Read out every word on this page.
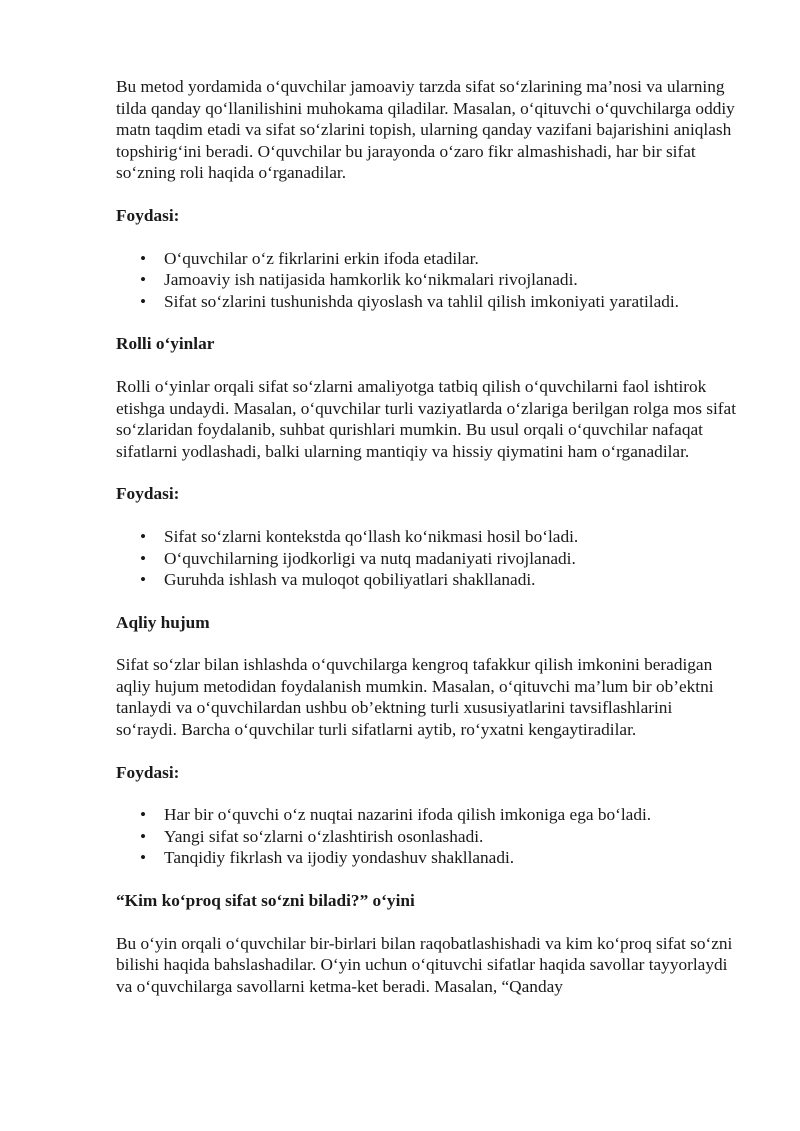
Bu metod yordamida o‘quvchilar jamoaviy tarzda sifat so‘zlarining ma’nosi va ularning tilda qanday qo‘llanilishini muhokama qiladilar. Masalan, o‘qituvchi o‘quvchilarga oddiy matn taqdim etadi va sifat so‘zlarini topish, ularning qanday vazifani bajarishini aniqlash topshirig‘ini beradi. O‘quvchilar bu jarayonda o‘zaro fikr almashishadi, har bir sifat so‘zning roli haqida o‘rganadilar.

Foydasi:
• O‘quvchilar o‘z fikrlarini erkin ifoda etadilar.
• Jamoaviy ish natijasida hamkorlik ko‘nikmalari rivojlanadi.
• Sifat so‘zlarini tushunishda qiyoslash va tahlil qilish imkoniyati yaratiladi.
Rolli o‘yinlar

Rolli o‘yinlar orqali sifat so‘zlarni amaliyotga tatbiq qilish o‘quvchilarni faol ishtirok etishga undaydi. Masalan, o‘quvchilar turli vaziyatlarda o‘zlariga berilgan rolga mos sifat so‘zlaridan foydalanib, suhbat qurishlari mumkin. Bu usul orqali o‘quvchilar nafaqat sifatlarni yodlashadi, balki ularning mantiqiy va hissiy qiymatini ham o‘rganadilar.

Foydasi:
• Sifat so‘zlarni kontekstda qo‘llash ko‘nikmasi hosil bo‘ladi.
• O‘quvchilarning ijodkorligi va nutq madaniyati rivojlanadi.
• Guruhda ishlash va muloqot qobiliyatlari shakllanadi.
Aqliy hujum

Sifat so‘zlar bilan ishlashda o‘quvchilarga kengroq tafakkur qilish imkonini beradigan aqliy hujum metodidan foydalanish mumkin. Masalan, o‘qituvchi ma’lum bir ob’ektni tanlaydi va o‘quvchilardan ushbu ob’ektning turli xususiyatlarini tavsiflashlarini so‘raydi. Barcha o‘quvchilar turli sifatlarni aytib, ro‘yxatni kengaytiradilar.

Foydasi:
• Har bir o‘quvchi o‘z nuqtai nazarini ifoda qilish imkoniga ega bo‘ladi.
• Yangi sifat so‘zlarni o‘zlashtirish osonlashadi.
• Tanqidiy fikrlash va ijodiy yondashuv shakllanadi.
“Kim ko‘proq sifat so‘zni biladi?” o‘yini

Bu o‘yin orqali o‘quvchilar bir-birlari bilan raqobatlashishadi va kim ko‘proq sifat so‘zni bilishi haqida bahslashadilar. O‘yin uchun o‘qituvchi sifatlar haqida savollar tayyorlaydi va o‘quvchilarga savollarni ketma-ket beradi. Masalan, “Qanday
